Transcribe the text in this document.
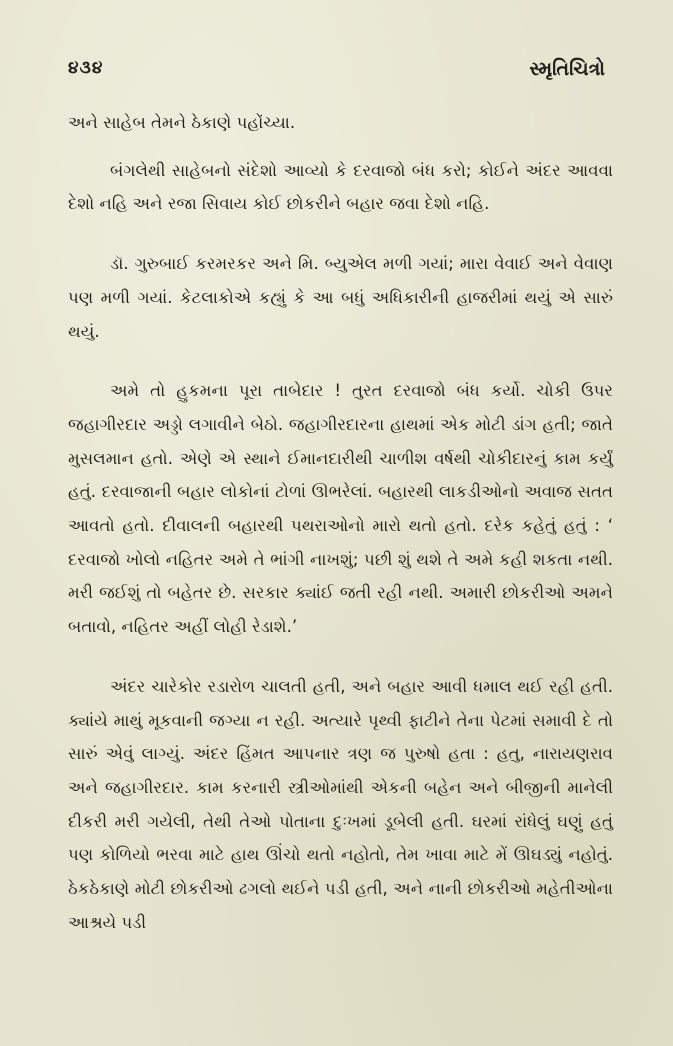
૪૩૪	સ્મૃતિચિત્રો

અને સાહેબ તેમને ઠેકાણે પહોંચ્યા.

બંગલેથી સાહેબનો સંદેશો આવ્યો કે દરવાજો બંધ કરો; કોઈને અંદર આવવા દેશો નહિ અને રજા સિવાય કોઈ છોકરીને બહાર જવા દેશો નહિ.

ડૉ. ગુરુબાઈ કરમરકર અને મિ. બ્યુએલ મળી ગયાં; મારા વેવાઈ અને વેવાણ પણ મળી ગયાં. કેટલાકોએ કહ્યું કે આ બધું અધિકારીની હાજરીમાં થયું એ સારું થયું.

અમે તો હુકમના પૂરા તાબેદાર ! તુરત દરવાજો બંધ કર્યો. ચોકી ઉપર જહાગીરદાર અડ્ડો લગાવીને બેઠો. જહાગીરદારના હાથમાં એક મોટી ડાંગ હતી; જાતે મુસલમાન હતો. એણે એ સ્થાને ઈમાનદારીથી ચાળીશ વર્ષથી ચોકીદારનું કામ કર્યું હતું. દરવાજાની બહાર લોકોનાં ટોળાં ઊભરેલાં. બહારથી લાકડીઓનો અવાજ સતત આવતો હતો. દીવાલની બહારથી પથરાઓનો મારો થતો હતો. દરેક કહેતું હતું : ‘ દરવાજો ખોલો નહિતર અમે તે ભાંગી નાખશું; પછી શું થશે તે અમે કહી શકતા નથી. મરી જઈશું તો બહેતર છે. સરકાર ક્યાંઈ જતી રહી નથી. અમારી છોકરીઓ અમને બતાવો, નહિતર અહીં લોહી રેડાશે.’

અંદર ચારેકોર રડારોળ ચાલતી હતી, અને બહાર આવી ધમાલ થઈ રહી હતી. ક્યાંયે માથું મૂકવાની જગ્યા ન રહી. અત્યારે પૃથ્વી ફાટીને તેના પેટમાં સમાવી દે તો સારું એવું લાગ્યું. અંદર હિંમત આપનાર ત્રણ જ પુરુષો હતા : હતુ, નારાયણરાવ અને જહાગીરદાર. કામ કરનારી સ્ત્રીઓમાંથી એકની બહેન અને બીજીની માનેલી દીકરી મરી ગયેલી, તેથી તેઓ પોતાના દુઃખમાં ડૂબેલી હતી. ઘરમાં રાંધેલું ઘણું હતું પણ કોળિયો ભરવા માટે હાથ ઊંચો થતો નહોતો, તેમ ખાવા માટે મેં ઊઘડ્યું નહોતું. ઠેકઠેકાણે મોટી છોકરીઓ ઢગલો થઈને પડી હતી, અને નાની છોકરીઓ મહેતીઓના આશ્રયે પડી
